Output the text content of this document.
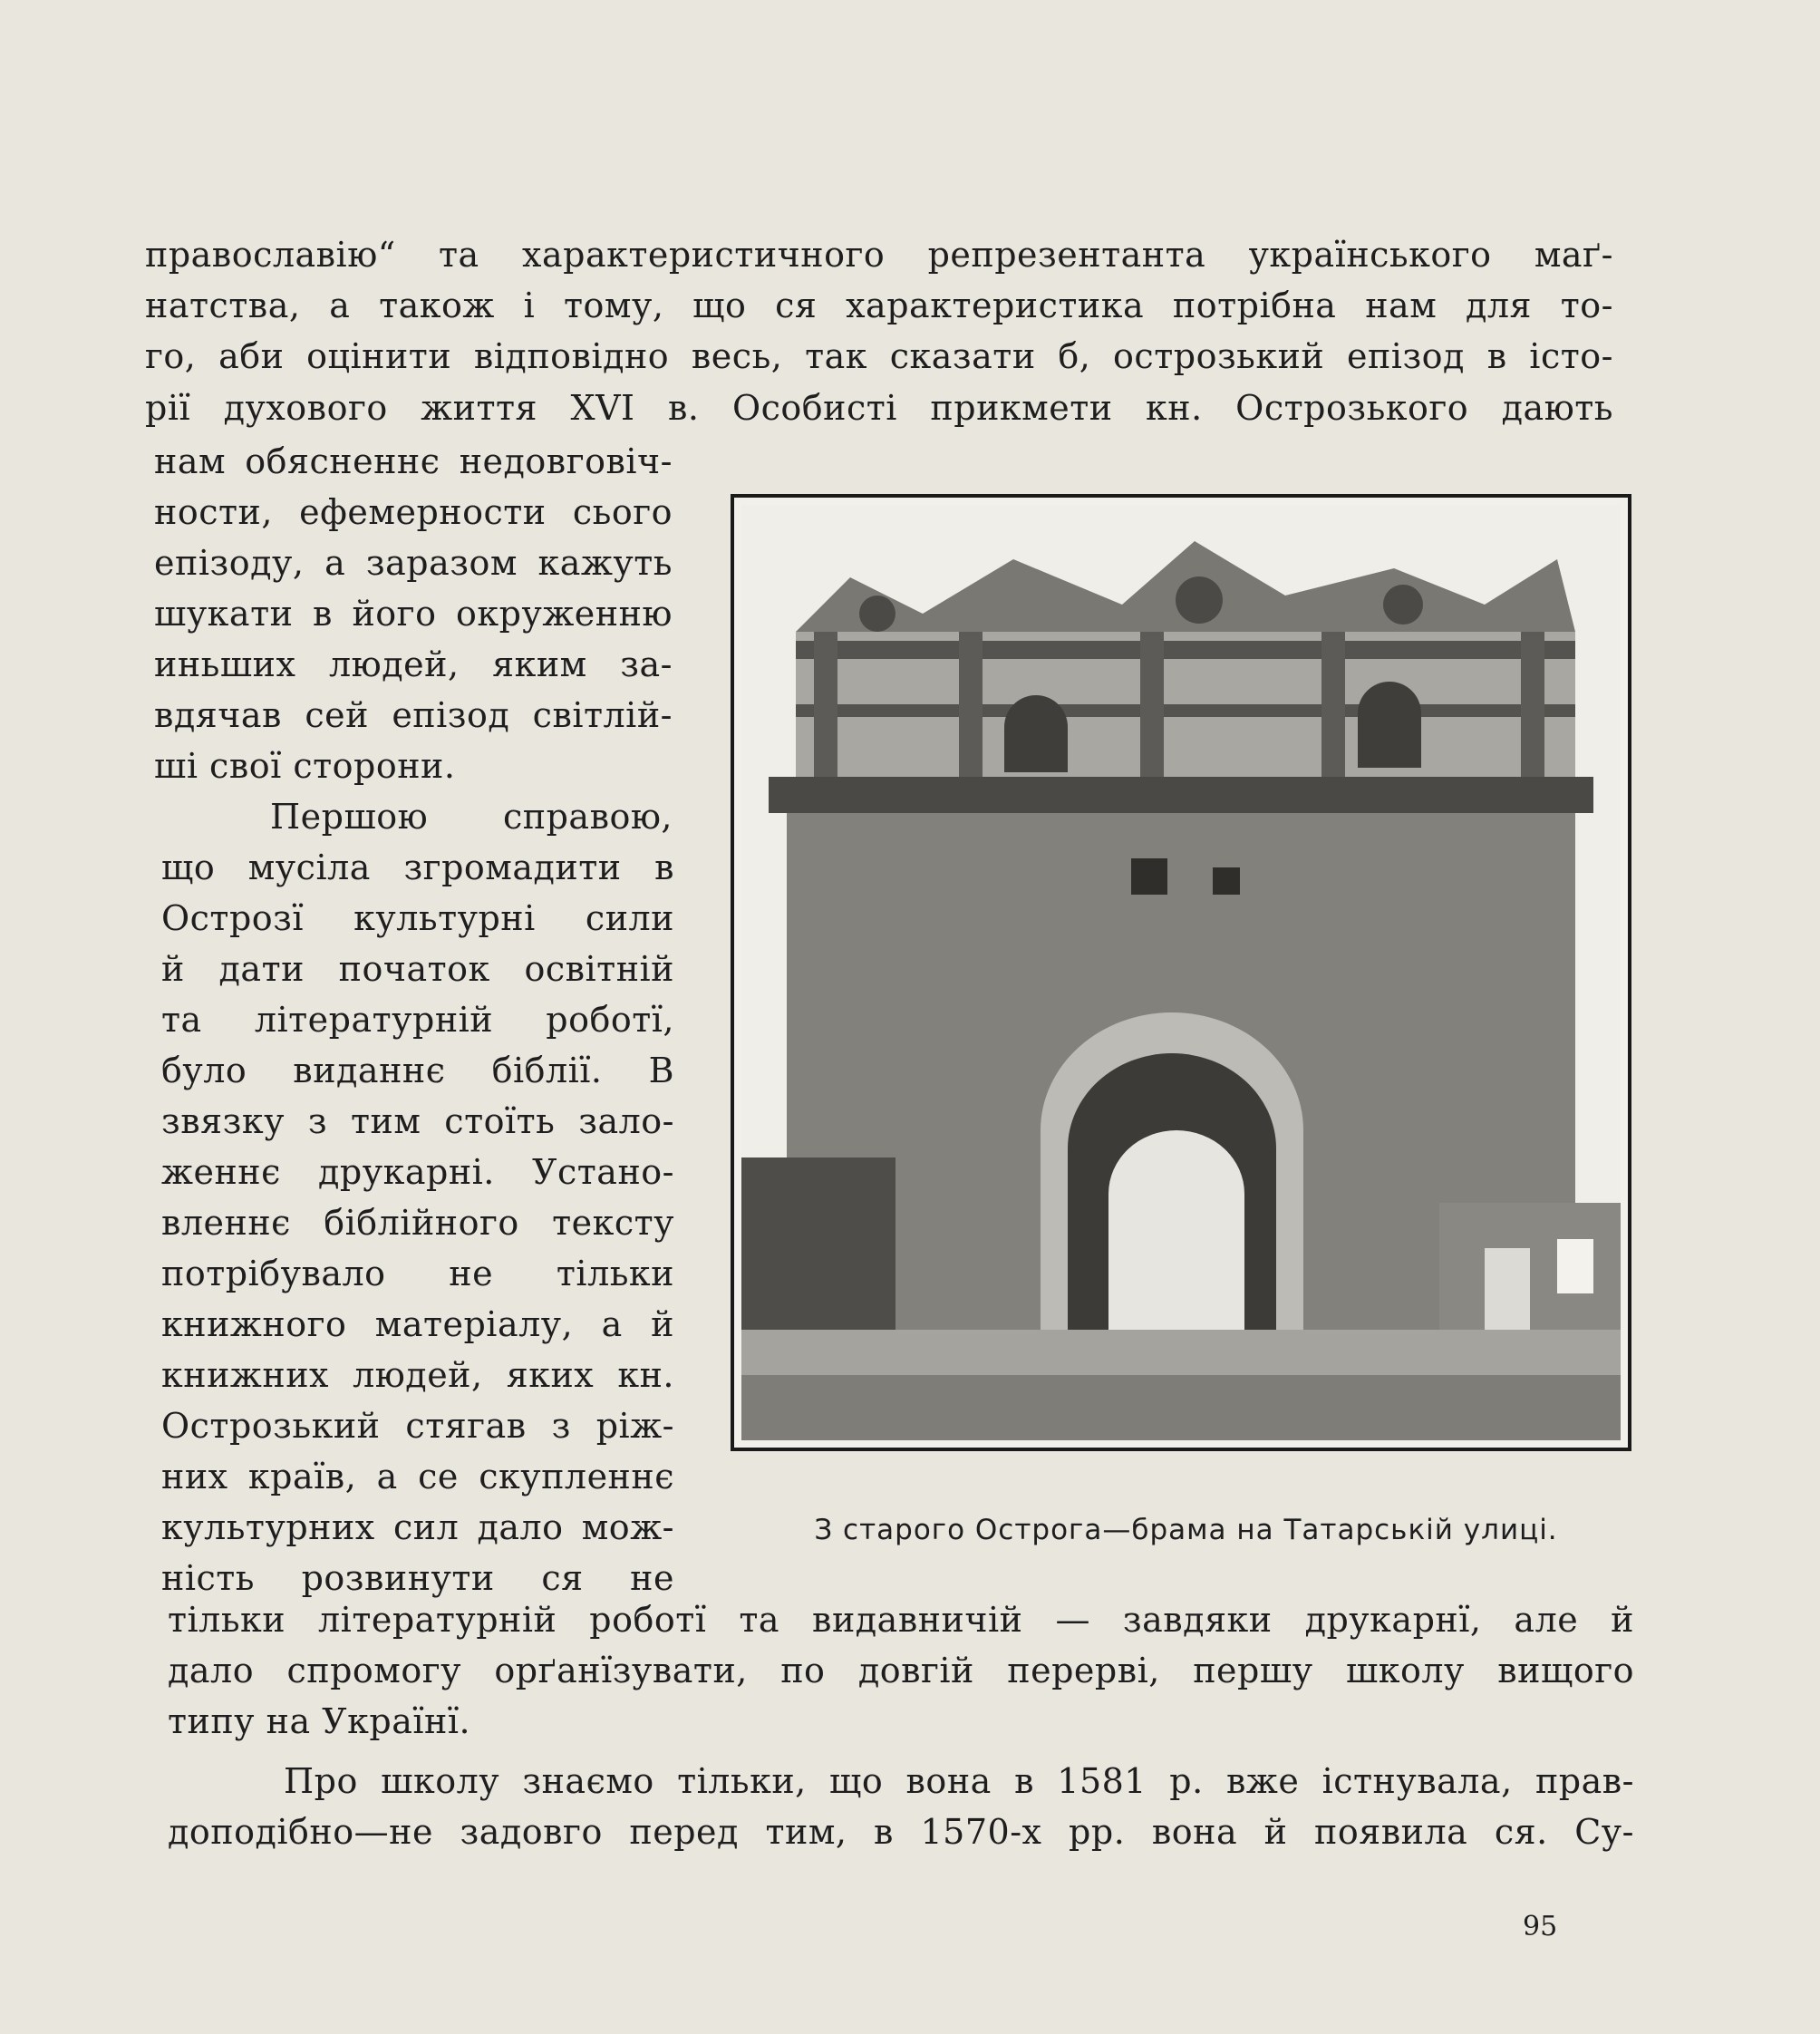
православію“ та характеристичного репрезентанта українського маґ-
натства, а також і тому, що ся характеристика потрібна нам для то-
го, аби оцінити відповідно весь, так сказати б, острозький епізод в істо-
рії духового життя XVI в. Особисті прикмети кн. Острозького дають
нам обясненнє недовговіч-
ности, ефемерности сього
епізоду, а заразом кажуть
шукати в його окруженню
иньших людей, яким за-
вдячав сей епізод світлій-
ші свої сторони.
Першою справою,
що мусіла згромадити в
Острозї культурні сили
й дати початок освітній
та літературній роботї,
було виданнє біблії. В
звязку з тим стоїть зало-
женнє друкарні. Устано-
вленнє біблійного тексту
потрібувало не тільки
книжного матеріалу, а й
книжних людей, яких кн.
Острозький стягав з ріж-
них країв, а се скупленнє
культурних сил дало мож-
ність розвинути ся не
З старого Острога—брама на Татарській улиці.
тільки літературній роботї та видавничій — завдяки друкарнї, але й
дало спромогу орґанїзувати, по довгій перерві, першу школу вищого
типу на Українї.
Про школу знаємо тільки, що вона в 1581 р. вже істнувала, прав-
доподібно—не задовго перед тим, в 1570-х рр. вона й появила ся. Су-
95
